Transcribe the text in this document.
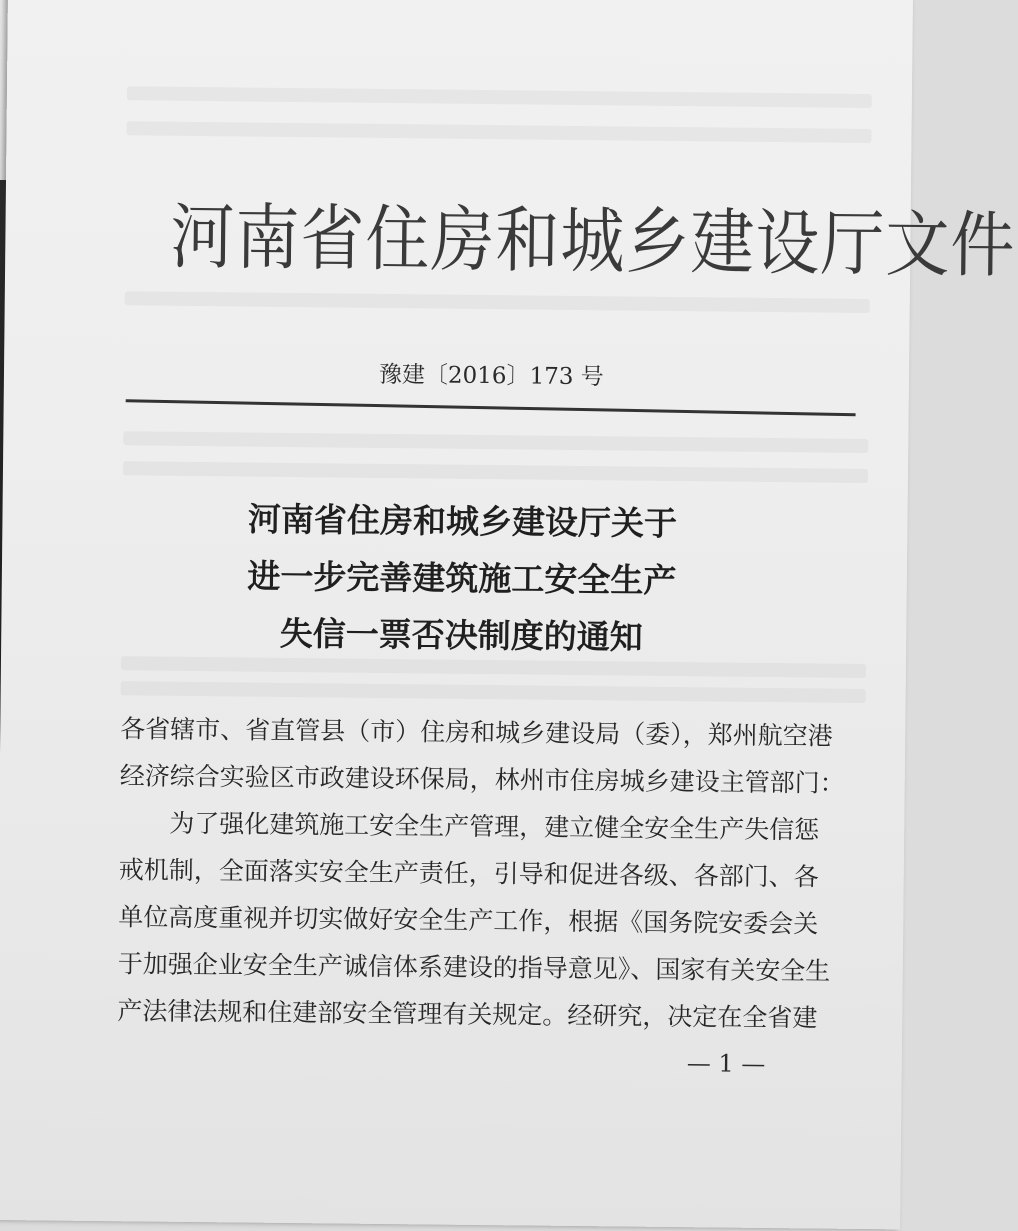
河南省住房和城乡建设厅文件
豫建〔2016〕173 号
河南省住房和城乡建设厅关于
进一步完善建筑施工安全生产
失信一票否决制度的通知
各省辖市、省直管县（市）住房和城乡建设局（委），郑州航空港
经济综合实验区市政建设环保局，林州市住房城乡建设主管部门：
　　为了强化建筑施工安全生产管理，建立健全安全生产失信惩
戒机制，全面落实安全生产责任，引导和促进各级、各部门、各
单位高度重视并切实做好安全生产工作，根据《国务院安委会关
于加强企业安全生产诚信体系建设的指导意见》、国家有关安全生
产法律法规和住建部安全管理有关规定。经研究，决定在全省建
— 1 —
